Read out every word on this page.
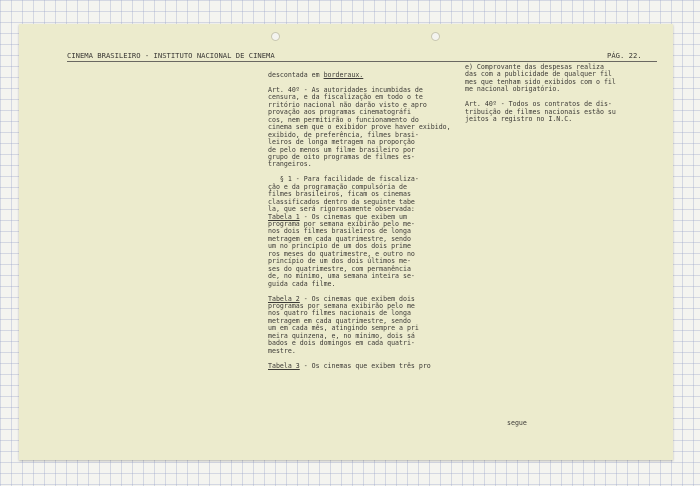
CINEMA BRASILEIRO - INSTITUTO NACIONAL DE CINEMA	PÁG. 22.
descontada em borderaux.
Art. 40º - As autoridades incumbidas de
censura, e da fiscalização em todo o te
rritório nacional não darão visto e apro
provação aos programas cinematográfi
cos, nem permitirão o funcionamento do
cinema sem que o exibidor prove haver exibido,
exibido, de preferência, filmes brasi-
leiros de longa metragem na proporção
de pelo menos um filme brasileiro por
grupo de oito programas de filmes es-
trangeiros.
§ 1 - Para facilidade de fiscaliza-
ção e da programação compulsória de
filmes brasileiros, ficam os cinemas
classificados dentro da seguinte tabe
la, que será rigorosamente observada:
Tabela 1 - Os cinemas que exibem um
programa por semana exibirão pelo me-
nos dois filmes brasileiros de longa
metragem em cada quatrimestre, sendo
um no princípio de um dos dois prime
ros meses do quatrimestre, e outro no
princípio de um dos dois últimos me-
ses do quatrimestre, com permanência
de, no mínimo, uma semana inteira se-
guida cada filme.
Tabela 2 - Os cinemas que exibem dois
programas por semana exibirão pelo me
nos quatro filmes nacionais de longa
metragem em cada quatrimestre, sendo
um em cada mês, atingindo sempre a pri
meira quinzena, e, no mínimo, dois sá
bados e dois domingos em cada quatri-
mestre.
Tabela 3 - Os cinemas que exibem três pro
e) Comprovante das despesas realiza
das com a publicidade de qualquer fil
mes que tenham sido exibidos com o fil
me nacional obrigatório.
Art. 40º - Todos os contratos de dis-
tribuição de filmes nacionais estão su
jeitos a registro no I.N.C.
segue
